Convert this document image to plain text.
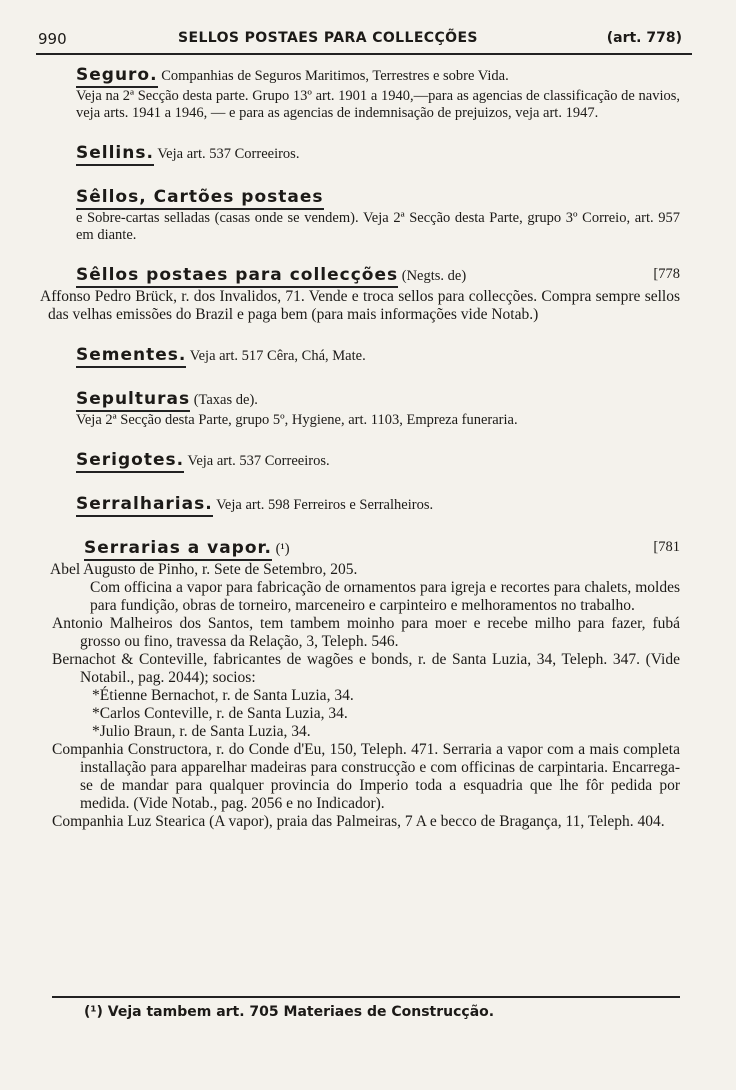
990	SELLOS POSTAES PARA COLLECÇÕES	(art. 778)
Seguro. Companhias de Seguros Maritimos, Terrestres e sobre Vida.
Veja na 2ª Secção desta parte. Grupo 13º art. 1901 a 1940,—para as agencias de classificação de navios, veja arts. 1941 a 1946, — e para as agencias de indemnisação de prejuizos, veja art. 1947.
Sellins. Veja art. 537 Correeiros.
Sêllos, Cartões postaes
e Sobre-cartas selladas (casas onde se vendem). Veja 2ª Secção desta Parte, grupo 3º Correio, art. 957 em diante.
Sêllos postaes para collecções (Negts. de)	[778
Affonso Pedro Brück, r. dos Invalidos, 71. Vende e troca sellos para collecções. Compra sempre sellos das velhas emissões do Brazil e paga bem (para mais informações vide Notab.)
Sementes. Veja art. 517 Cêra, Chá, Mate.
Sepulturas (Taxas de).
Veja 2ª Secção desta Parte, grupo 5º, Hygiene, art. 1103, Empreza funeraria.
Serigotes. Veja art. 537 Correeiros.
Serralharias. Veja art. 598 Ferreiros e Serralheiros.
Serrarias a vapor. (¹)	[781
Abel Augusto de Pinho, r. Sete de Setembro, 205.
Com officina a vapor para fabricação de ornamentos para igreja e recortes para chalets, moldes para fundição, obras de torneiro, marceneiro e carpinteiro e melhoramentos no trabalho.
Antonio Malheiros dos Santos, tem tambem moinho para moer e recebe milho para fazer, fubá grosso ou fino, travessa da Relação, 3, Teleph. 546.
Bernachot & Conteville, fabricantes de wagões e bonds, r. de Santa Luzia, 34, Teleph. 347. (Vide Notabil., pag. 2044); socios:
*Étienne Bernachot, r. de Santa Luzia, 34.
*Carlos Conteville, r. de Santa Luzia, 34.
*Julio Braun, r. de Santa Luzia, 34.
Companhia Constructora, r. do Conde d'Eu, 150, Teleph. 471. Serraria a vapor com a mais completa installação para apparelhar madeiras para construcção e com officinas de carpintaria. Encarrega-se de mandar para qualquer provincia do Imperio toda a esquadria que lhe fôr pedida por medida. (Vide Notab., pag. 2056 e no Indicador).
Companhia Luz Stearica (A vapor), praia das Palmeiras, 7 A e becco de Bragança, 11, Teleph. 404.
(¹) Veja tambem art. 705 Materiaes de Construcção.
